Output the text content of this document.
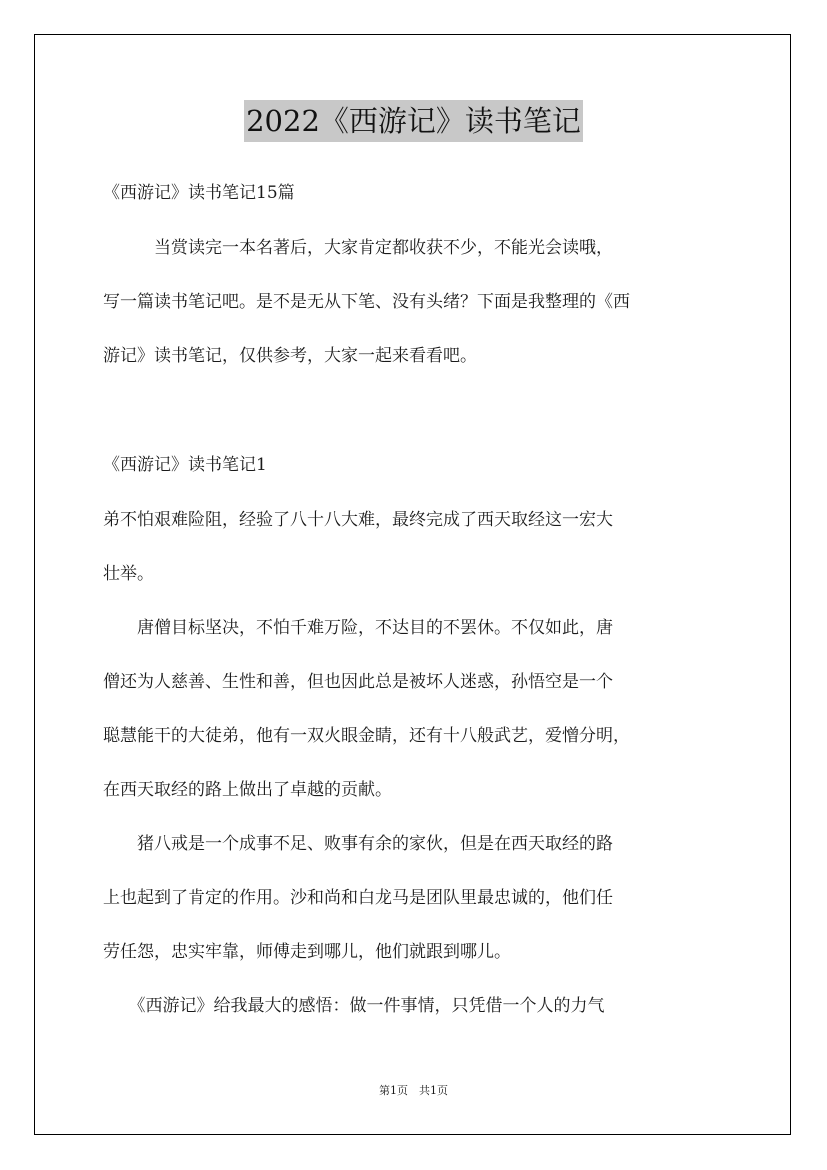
2022《西游记》读书笔记
《西游记》读书笔记15篇
　　　当赏读完一本名著后，大家肯定都收获不少，不能光会读哦，
写一篇读书笔记吧。是不是无从下笔、没有头绪？下面是我整理的《西
游记》读书笔记，仅供参考，大家一起来看看吧。
《西游记》读书笔记1
弟不怕艰难险阻，经验了八十八大难，最终完成了西天取经这一宏大
壮举。
　　唐僧目标坚决，不怕千难万险，不达目的不罢休。不仅如此，唐
僧还为人慈善、生性和善，但也因此总是被坏人迷惑，孙悟空是一个
聪慧能干的大徒弟，他有一双火眼金睛，还有十八般武艺，爱憎分明，
在西天取经的路上做出了卓越的贡献。
　　猪八戒是一个成事不足、败事有余的家伙，但是在西天取经的路
上也起到了肯定的作用。沙和尚和白龙马是团队里最忠诚的，他们任
劳任怨，忠实牢靠，师傅走到哪儿，他们就跟到哪儿。
　　《西游记》给我最大的感悟：做一件事情，只凭借一个人的力气
第1页　共1页
